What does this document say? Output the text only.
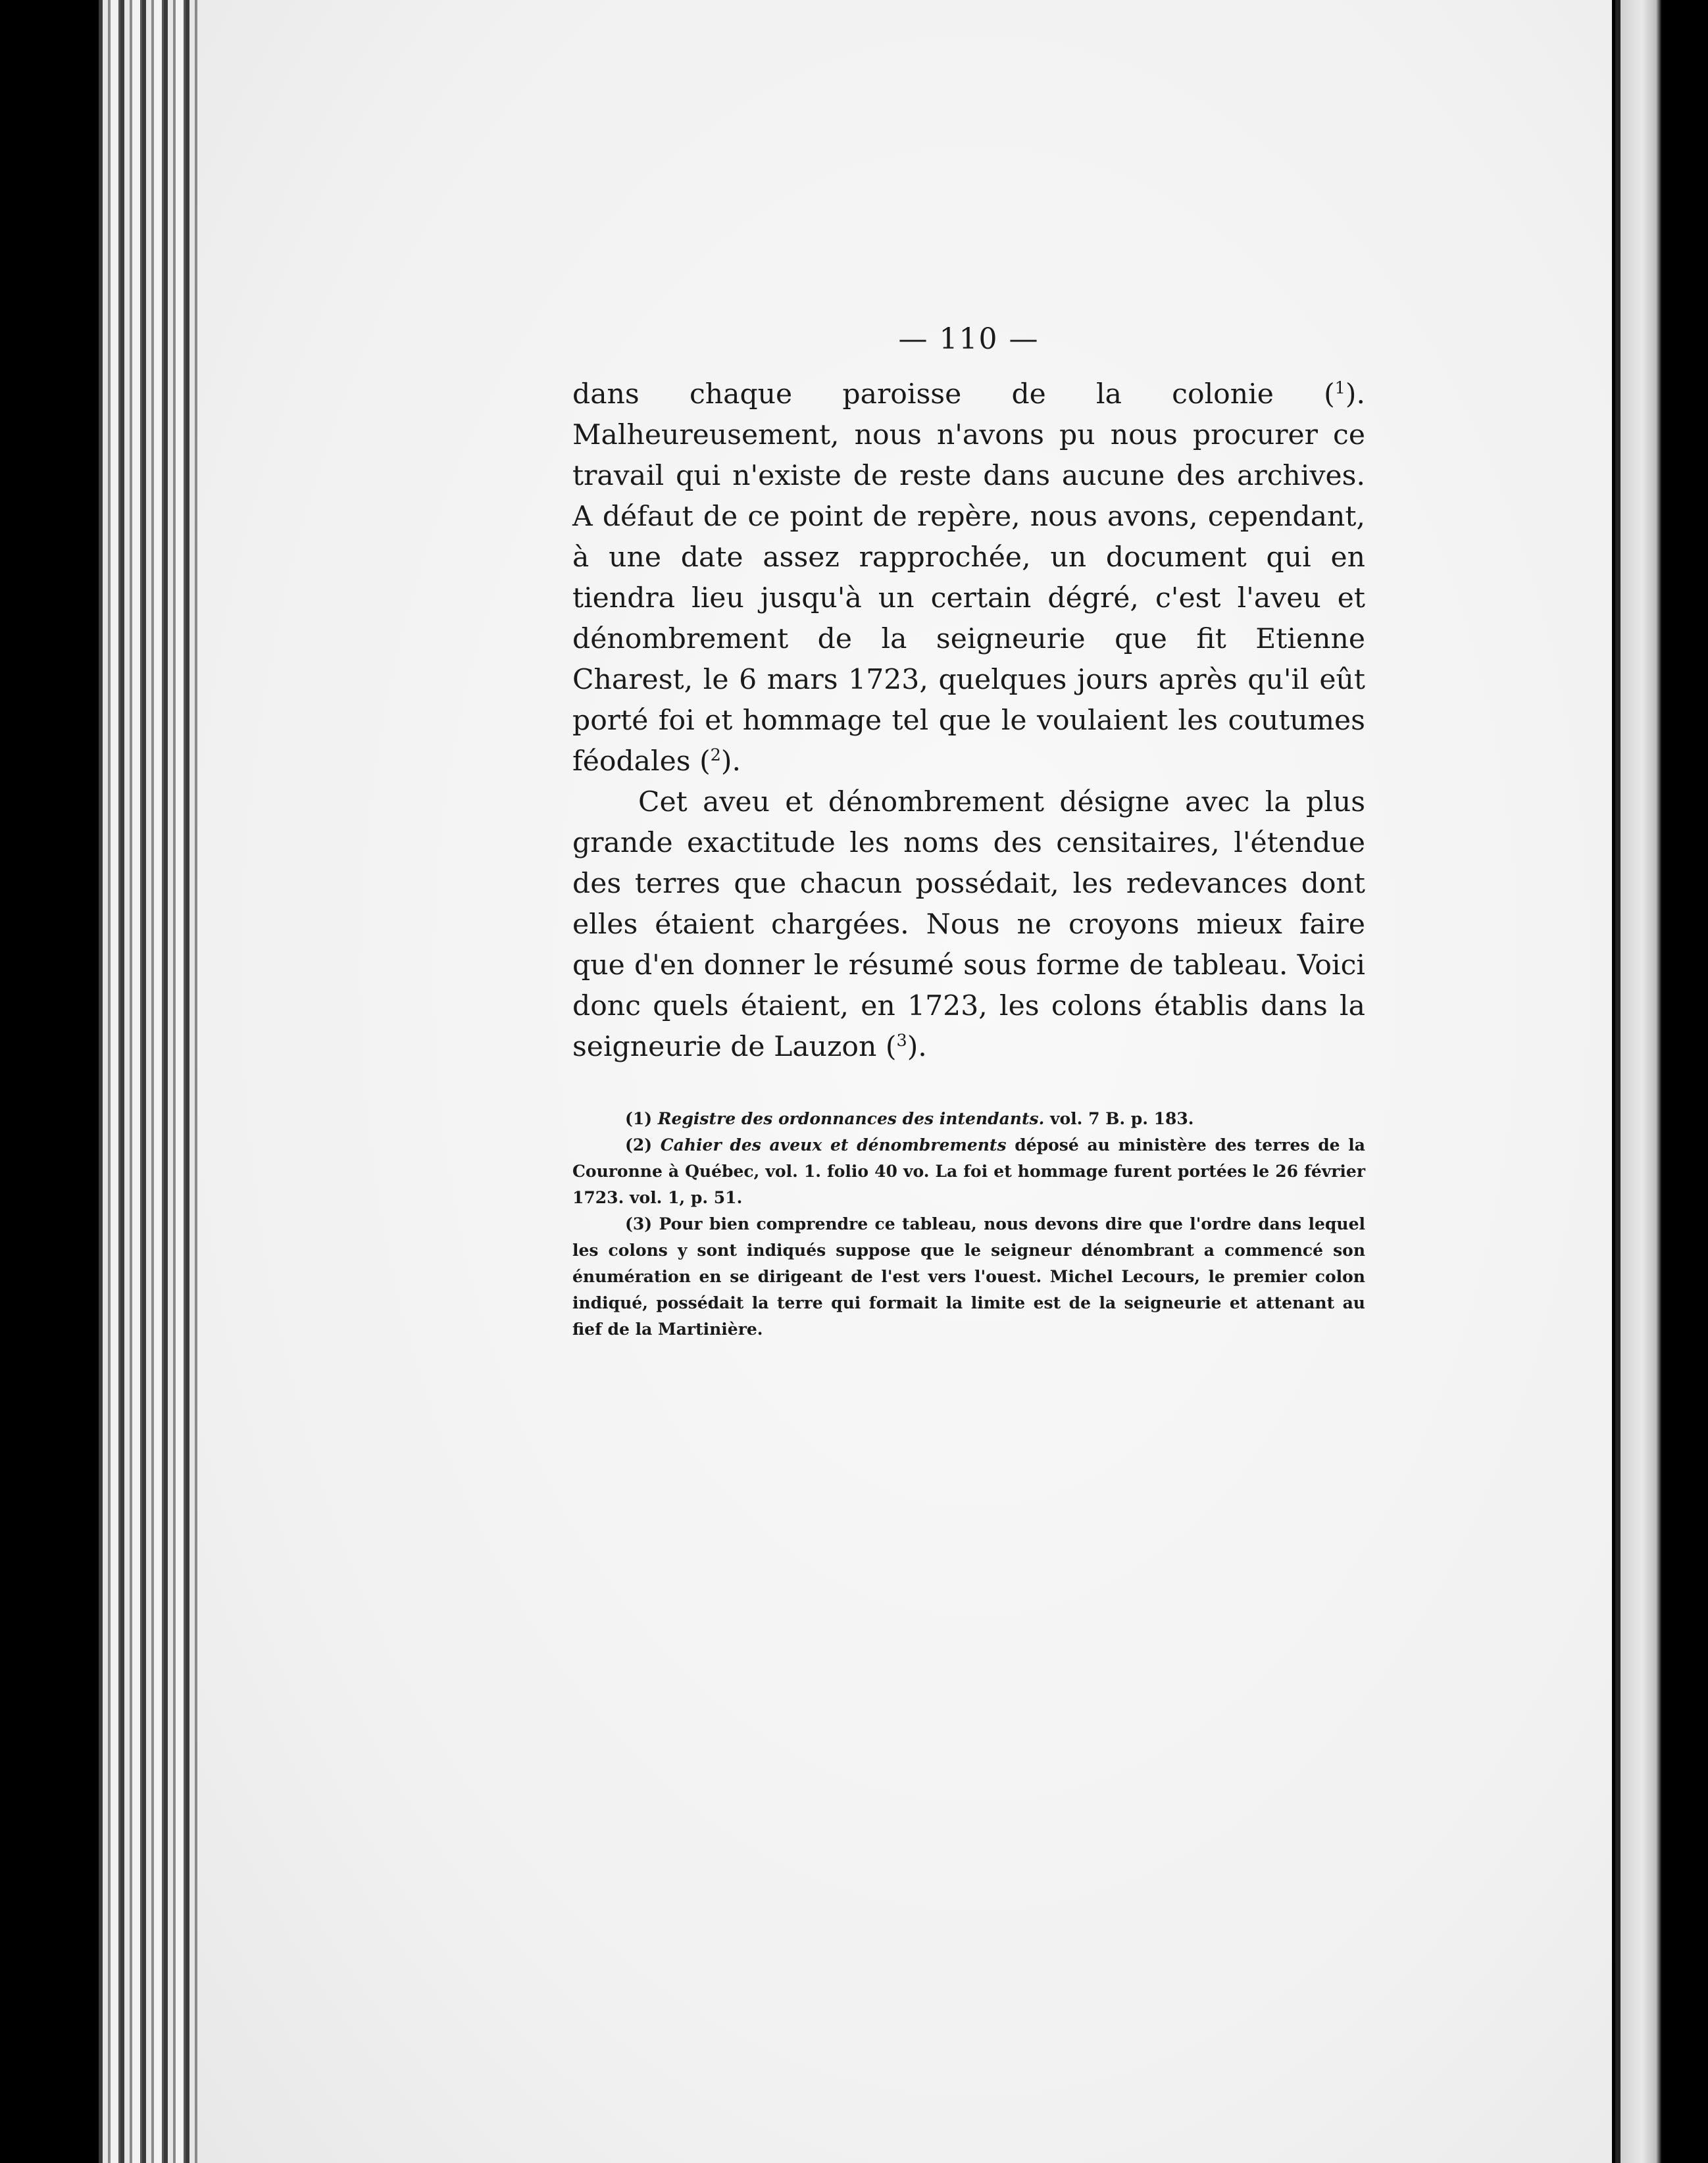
— 110 —

dans chaque paroisse de la colonie ($^1$). Malheureusement, nous n'avons pu nous procurer ce travail qui n'existe de reste dans aucune des archives. A défaut de ce point de repère, nous avons, cependant, à une date assez rapprochée, un document qui en tiendra lieu jusqu'à un certain dégré, c'est l'aveu et dénombrement de la seigneurie que fit Etienne Charest, le 6 mars 1723, quelques jours après qu'il eût porté foi et hommage tel que le voulaient les coutumes féodales ($^2$).

Cet aveu et dénombrement désigne avec la plus grande exactitude les noms des censitaires, l'étendue des terres que chacun possédait, les redevances dont elles étaient chargées. Nous ne croyons mieux faire que d'en donner le résumé sous forme de tableau. Voici donc quels étaient, en 1723, les colons établis dans la seigneurie de Lauzon ($^3$).

(1) Registre des ordonnances des intendants. vol. 7 B. p. 183.

(2) Cahier des aveux et dénombrements déposé au ministère des terres de la Couronne à Québec, vol. 1. folio 40 vo. La foi et hommage furent portées le 26 février 1723. vol. 1, p. 51.

(3) Pour bien comprendre ce tableau, nous devons dire que l'ordre dans lequel les colons y sont indiqués suppose que le seigneur dénombrant a commencé son énumération en se dirigeant de l'est vers l'ouest. Michel Lecours, le premier colon indiqué, possédait la terre qui formait la limite est de la seigneurie et attenant au fief de la Martinière.
